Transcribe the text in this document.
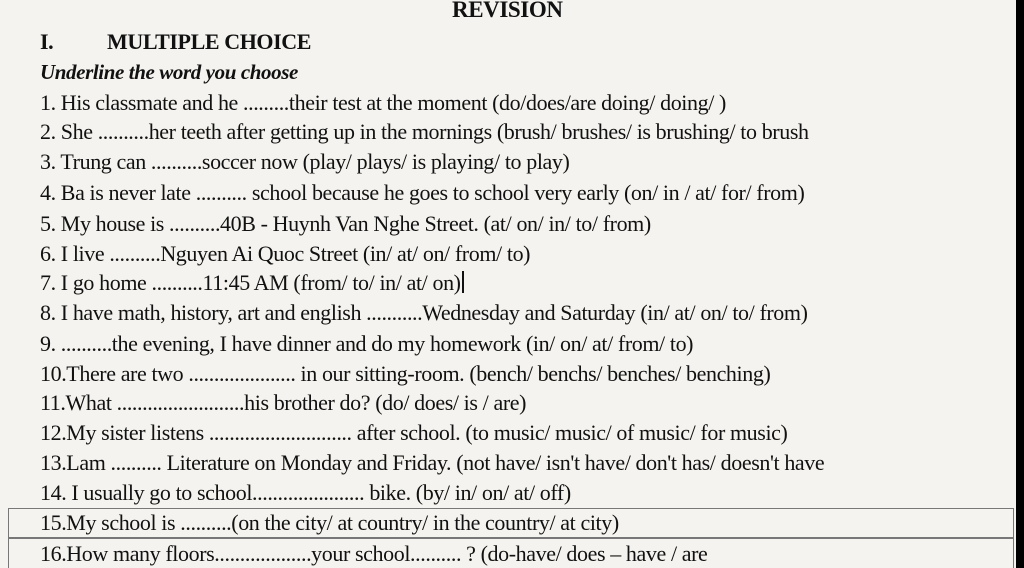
REVISION
I. MULTIPLE CHOICE
Underline the word you choose
1. His classmate and he .........their test at the moment (do/does/are doing/ doing/ )
2. She ..........her teeth after getting up in the mornings (brush/ brushes/ is brushing/ to brush
3. Trung can ..........soccer now (play/ plays/ is playing/ to play)
4. Ba is never late .......... school because he goes to school very early (on/ in / at/ for/ from)
5. My house is ..........40B - Huynh Van Nghe Street. (at/ on/ in/ to/ from)
6. I live ..........Nguyen Ai Quoc Street (in/ at/ on/ from/ to)
7. I go home ..........11:45 AM (from/ to/ in/ at/ on)
8. I have math, history, art and english ...........Wednesday and Saturday (in/ at/ on/ to/ from)
9. ..........the evening, I have dinner and do my homework (in/ on/ at/ from/ to)
10.There are two ..................... in our sitting-room. (bench/ benchs/ benches/ benching)
11.What .........................his brother do? (do/ does/ is / are)
12.My sister listens ............................ after school. (to music/ music/ of music/ for music)
13.Lam .......... Literature on Monday and Friday. (not have/ isn't have/ don't has/ doesn't have
14. I usually go to school...................... bike. (by/ in/ on/ at/ off)
15.My school is ..........(on the city/ at country/ in the country/ at city)
16.How many floors...................your school.......... ? (do-have/ does – have / are
